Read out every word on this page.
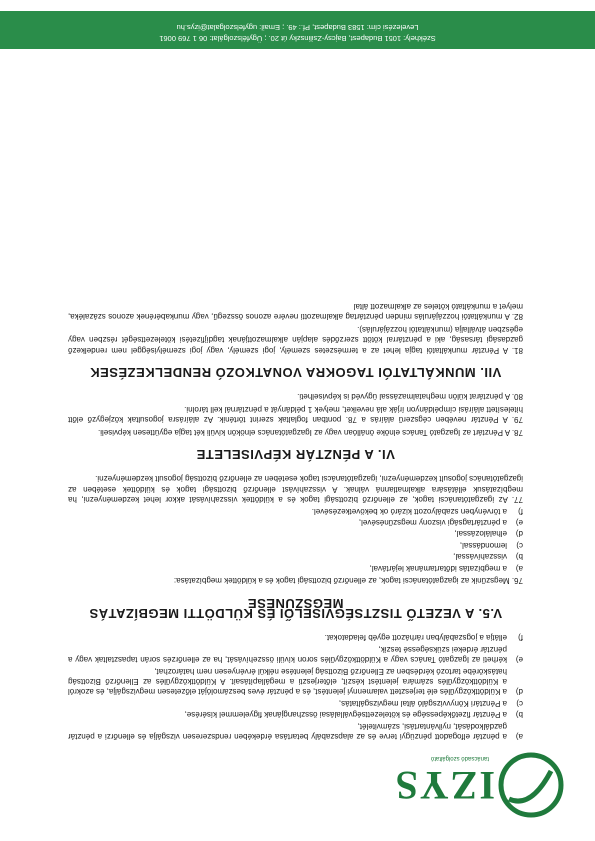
IZYS
tanácsadó szolgáltató
a)
a pénztár elfogadott pénzügyi terve és az alapszabály betartása érdekében rendszeresen vizsgálja és ellenőrzi a pénztár gazdálkodását, nyilvántartási, számvitelét,
b)
a Pénztár fizetőképessége és kötelezettségvállalásai összhangjának figyelemmel kísérése,
c)
a Pénztári Könyvvizsgáló által megvizsgáltatás,
d)
a Küldöttközgyűlés elé terjesztett valamennyi jelentést, és a pénztár éves beszámolóját előzetesen megvizsgálja, és azokról a Küldöttközgyűlés számára jelentést készít, előterjeszti a megállapításait. A Küldöttközgyűlés az Ellenőrző Bizottság hatáskörébe tartozó kérdésben az Ellenőrző Bizottság jelentése nélkül érvényesen nem határozhat,
e)
kérheti az Igazgató Tanács vagy a Küldöttközgyűlés soron kívüli összehívását, ha az ellenőrzés során tapasztaltak vagy a pénztár érdekei szükségessé teszik,
f)
ellátja a jogszabályban rárházott egyéb feladatokat.
V.5. A VEZETŐ TISZTSÉGVISELŐI ÉS KÜLDÖTTI MEGBÍZATÁS MEGSZŰNÉSE

76. Megszűnik az igazgatótanácsi tagok, az ellenőrző bizottsági tagok és a küldöttek megbízatása:

a)
a megbízatás időtartamának lejártával,
b)
visszahívással,
c)
lemondással,
d)
elhalálozással,
e)
a pénztártagsági viszony megszűnésével,
f)
a törvényben szabályozott kizáró ok bekövetkezésével.

77. Az igazgatótanácsi tagok, az ellenőrző bizottsági tagok és a küldöttek visszahívását akkor lehet kezdeményezni, ha megbízatásuk ellátására alkalmatlanná válnak. A visszahívást ellenőrző bizottsági tagok és küldöttek esetében az igazgatótanács jogosult kezdeményezni, igazgatótanácsi tagok esetében az ellenőrző bizottság jogosult kezdeményezni.

VI. A PÉNZTÁR KÉPVISELETE

78. A Pénztárt az Igazgató Tanács elnöke önállóan vagy az Igazgatótanács elnökön kívüli két tagja együttesen képviseli.

79. A Pénztár nevében cégszerű aláírás a 78. pontban foglaltak szerint történik. Az aláírásra jogosultak közjegyző előtt hitelesített aláírási címpéldányon írják alá neveiket, melyek 1 példányát a pénztárnál kell tárolni.

80. A pénztárat külön meghatalmazással ügyvéd is képviselheti.

VII. MUNKÁLTATÓI TAGOKRA VONATKOZÓ RENDELKEZÉSEK

81. A Pénztár munkáltatói tagja lehet az a természetes személy, jogi személy, vagy jogi személyiséggel nem rendelkező gazdasági társaság, aki a pénztárral kötött szerződés alapján alkalmazottjának tagdíjfizetési kötelezettségét részben vagy egészben átvállalja (munkáltatói hozzájárulás).

82. A munkáltatói hozzájárulás minden pénztártag alkalmazotti nevére azonos összegű, vagy munkabérének azonos százaléka, melyet a munkáltató köteles az alkalmazott által

Székhely: 1051 Budapest, Bajcsy-Zsilinszky út 20. ; Ügyfélszolgálat: 06 1 769 0061
Levelezési cím: 1583 Budapest, Pf.: 49. ; Email: ugyfelszolgalat@izys.hu
